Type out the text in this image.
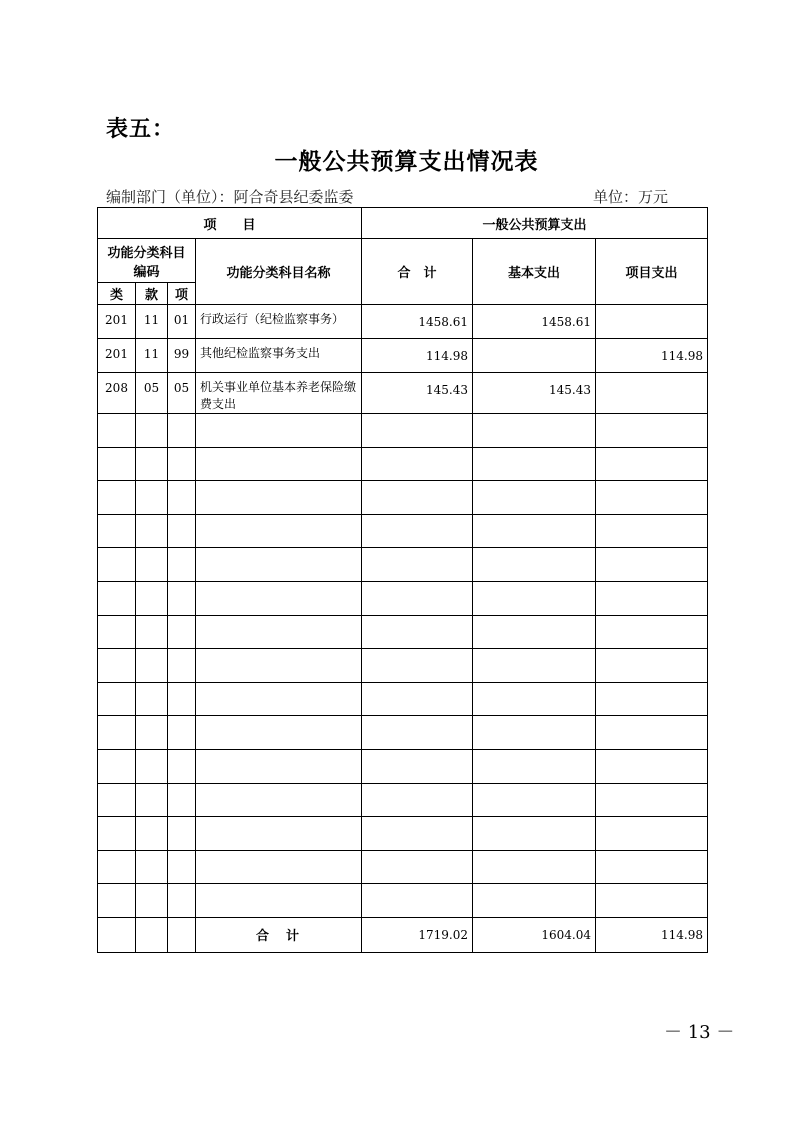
表五：
一般公共预算支出情况表
编制部门（单位）：阿合奇县纪委监委	单位：万元
项　　目				一般公共预算支出		
功能分类科目编码			功能分类科目名称	合　计	基本支出	项目支出
类	款	项				
201	11	01	行政运行（纪检监察事务）	1458.61	1458.61	
201	11	99	其他纪检监察事务支出	114.98		114.98
208	05	05	机关事业单位基本养老保险缴费支出	145.43	145.43	

			合　计	1719.02	1604.04	114.98
－ 13 －
